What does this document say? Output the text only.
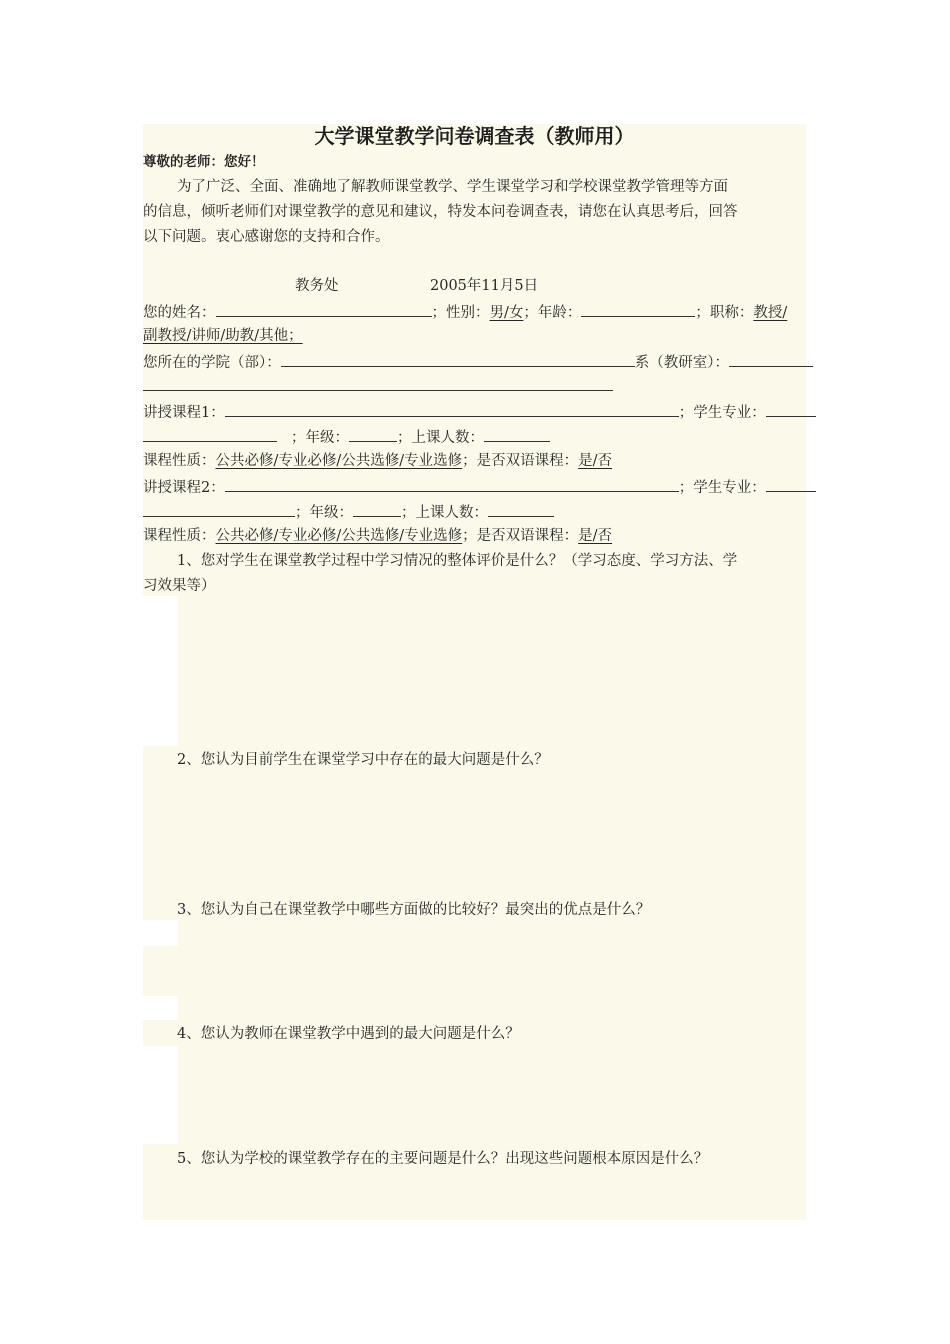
大学课堂教学问卷调查表（教师用）
尊敬的老师：您好！
为了广泛、全面、准确地了解教师课堂教学、学生课堂学习和学校课堂教学管理等方面
的信息，倾听老师们对课堂教学的意见和建议，特发本问卷调查表，请您在认真思考后，回答
以下问题。衷心感谢您的支持和合作。
教务处	2005年11月5日
您的姓名：	；性别：男/女；年龄：	；职称：教授/
副教授/讲师/助教/其他；
您所在的学院（部）：	系（教研室）：
讲授课程1：	；学生专业：
；年级：	；上课人数：
课程性质：公共必修/专业必修/公共选修/专业选修；是否双语课程：是/否
讲授课程2：	；学生专业：
；年级：	；上课人数：
课程性质：公共必修/专业必修/公共选修/专业选修；是否双语课程：是/否
1、您对学生在课堂教学过程中学习情况的整体评价是什么？（学习态度、学习方法、学
习效果等）
2、您认为目前学生在课堂学习中存在的最大问题是什么？
3、您认为自己在课堂教学中哪些方面做的比较好？最突出的优点是什么？
4、您认为教师在课堂教学中遇到的最大问题是什么？
5、您认为学校的课堂教学存在的主要问题是什么？出现这些问题根本原因是什么？
